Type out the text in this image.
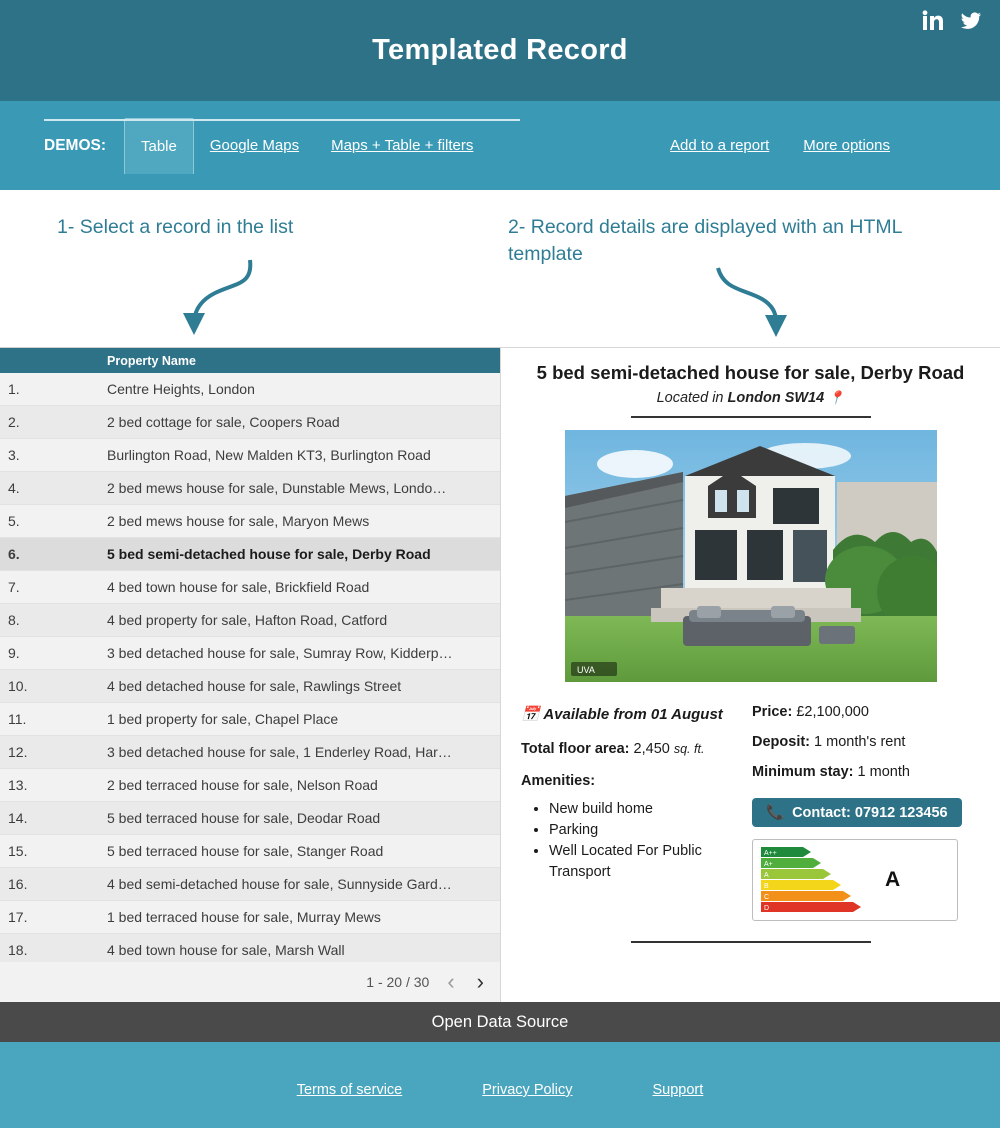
Templated Record
DEMOS:	Table	Google Maps	Maps + Table + filters	Add to a report More options
1- Select a record in the list	2- Record details are displayed with an HTML template
Property Name
1.	Centre Heights, London
2.	2 bed cottage for sale, Coopers Road
3.	Burlington Road, New Malden KT3, Burlington Road
4.	2 bed mews house for sale, Dunstable Mews, Londo…
5.	2 bed mews house for sale, Maryon Mews
6.	5 bed semi-detached house for sale, Derby Road
7.	4 bed town house for sale, Brickfield Road
8.	4 bed property for sale, Hafton Road, Catford
9.	3 bed detached house for sale, Sumray Row, Kidderp…
10.	4 bed detached house for sale, Rawlings Street
11.	1 bed property for sale, Chapel Place
12.	3 bed detached house for sale, 1 Enderley Road, Har…
13.	2 bed terraced house for sale, Nelson Road
14.	5 bed terraced house for sale, Deodar Road
15.	5 bed terraced house for sale, Stanger Road
16.	4 bed semi-detached house for sale, Sunnyside Gard…
17.	1 bed terraced house for sale, Murray Mews
18.	4 bed town house for sale, Marsh Wall
1 - 20 / 30 ‹ ›
5 bed semi-detached house for sale, Derby Road
Located in London SW14 📍
UVA
📅 Available from 01 August
Total floor area: 2,450 sq. ft.
Amenities:
• New build home
• Parking
• Well Located For Public Transport
Price: £2,100,000
Deposit: 1 month's rent
Minimum stay: 1 month
📞 Contact: 07912 123456
A++
A+
A
B
C
D
A
Open Data Source
Terms of service	Privacy Policy	Support
